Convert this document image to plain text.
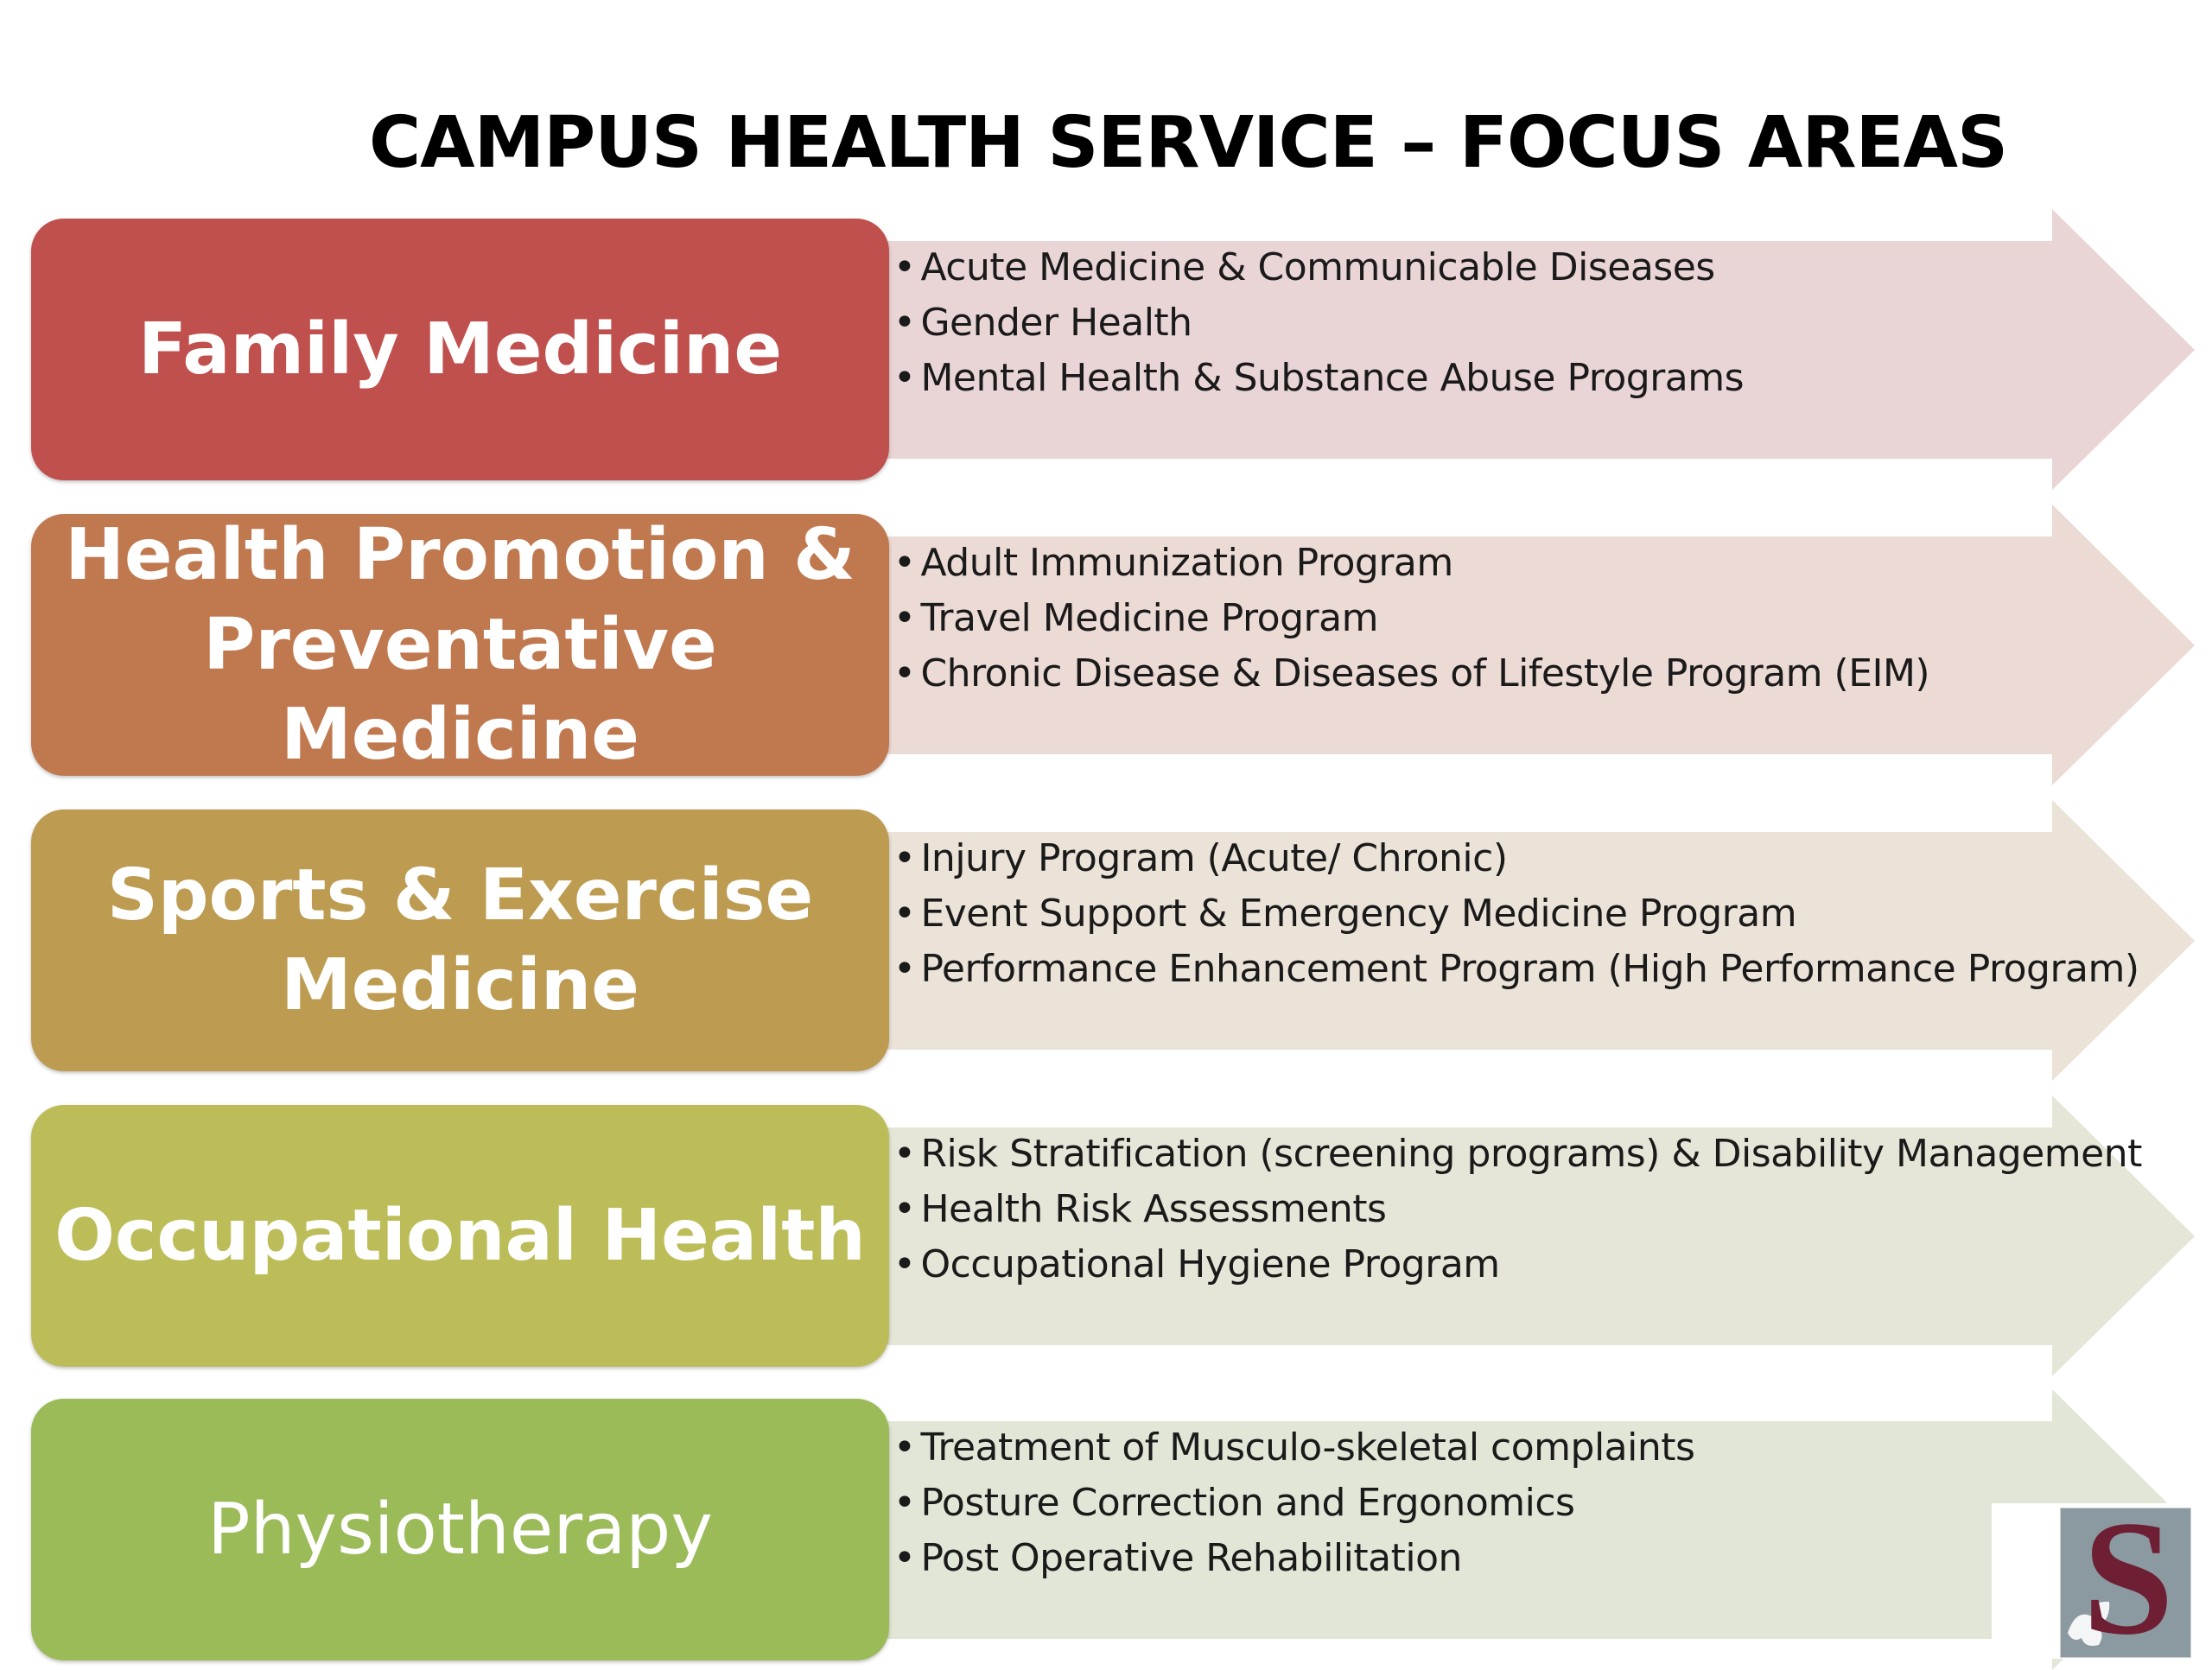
CAMPUS HEALTH SERVICE – FOCUS AREAS
Family Medicine
• Acute Medicine & Communicable Diseases
• Gender Health
• Mental Health & Substance Abuse Programs
Health Promotion &
Preventative Medicine
• Adult Immunization Program
• Travel Medicine Program
• Chronic Disease & Diseases of Lifestyle Program (EIM)
Sports & Exercise
Medicine
• Injury Program (Acute/ Chronic)
• Event Support & Emergency Medicine Program
• Performance Enhancement Program (High Performance Program)
Occupational Health
• Risk Stratification (screening programs) & Disability Management
• Health Risk Assessments
• Occupational Hygiene Program
Physiotherapy
• Treatment of Musculo-skeletal complaints
• Posture Correction and Ergonomics
• Post Operative Rehabilitation	S
